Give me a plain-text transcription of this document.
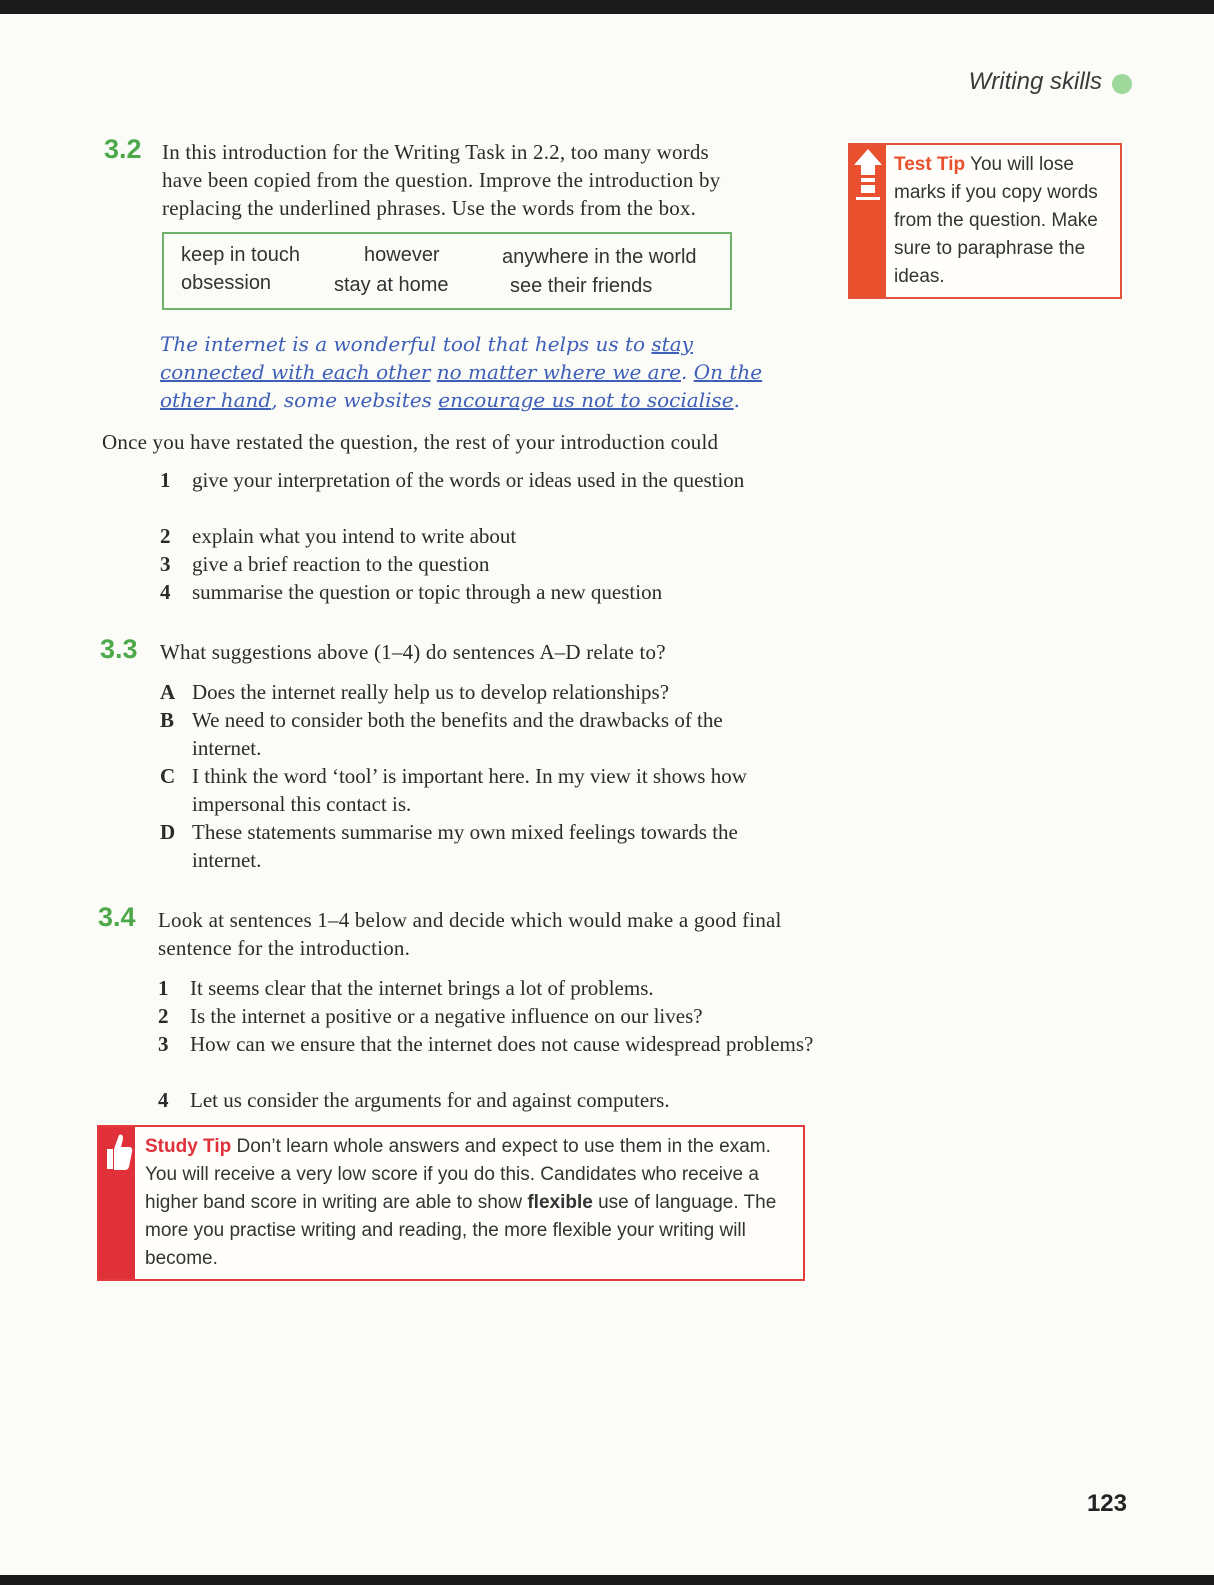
Writing skills
3.2 In this introduction for the Writing Task in 2.2, too many words
have been copied from the question. Improve the introduction by
replacing the underlined phrases. Use the words from the box.
keep in touch	however	anywhere in the world
obsession	stay at home	see their friends
The internet is a wonderful tool that helps us to stay connected with each other no matter where we are. On the other hand, some websites encourage us not to socialise.
Once you have restated the question, the rest of your introduction could
1	give your interpretation of the words or ideas used in the question
2	explain what you intend to write about
3	give a brief reaction to the question
4	summarise the question or topic through a new question
3.3 What suggestions above (1–4) do sentences A–D relate to?
A Does the internet really help us to develop relationships?
B We need to consider both the benefits and the drawbacks of the internet.
C I think the word ‘tool’ is important here. In my view it shows how impersonal this contact is.
D These statements summarise my own mixed feelings towards the internet.
3.4 Look at sentences 1–4 below and decide which would make a good final sentence for the introduction.
1	It seems clear that the internet brings a lot of problems.
2	Is the internet a positive or a negative influence on our lives?
3	How can we ensure that the internet does not cause widespread problems?
4	Let us consider the arguments for and against computers.
Test Tip You will lose marks if you copy words from the question. Make sure to paraphrase the ideas.
Study Tip Don’t learn whole answers and expect to use them in the exam. You will receive a very low score if you do this. Candidates who receive a higher band score in writing are able to show flexible use of language. The more you practise writing and reading, the more flexible your writing will become.
123
